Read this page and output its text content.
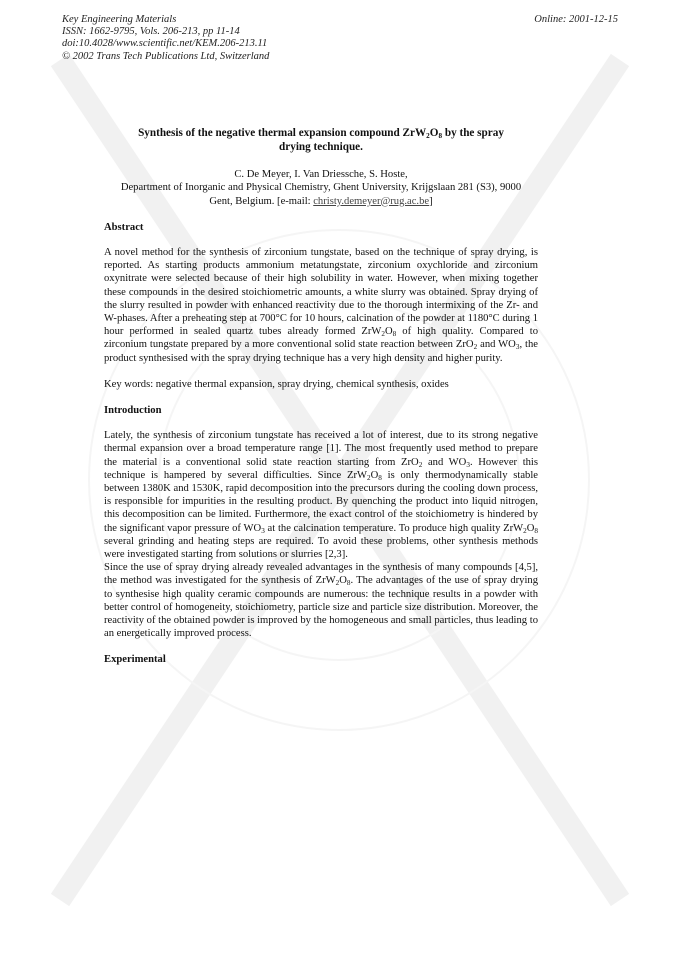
Key Engineering Materials
ISSN: 1662-9795, Vols. 206-213, pp 11-14
doi:10.4028/www.scientific.net/KEM.206-213.11
© 2002 Trans Tech Publications Ltd, Switzerland
Online: 2001-12-15
Synthesis of the negative thermal expansion compound $ZrW_2O_8$ by the spray drying technique.
C. De Meyer, I. Van Driessche, S. Hoste,
Department of Inorganic and Physical Chemistry, Ghent University, Krijgslaan 281 (S3), 9000
Gent, Belgium. [e-mail: christy.demeyer@rug.ac.be]
Abstract

A novel method for the synthesis of zirconium tungstate, based on the technique of spray drying, is reported. As starting products ammonium metatungstate, zirconium oxychloride and zirconium oxynitrate were selected because of their high solubility in water. However, when mixing together these compounds in the desired stoichiometric amounts, a white slurry was obtained. Spray drying of the slurry resulted in powder with enhanced reactivity due to the thorough intermixing of the Zr- and W-phases. After a preheating step at 700°C for 10 hours, calcination of the powder at 1180°C during 1 hour performed in sealed quartz tubes already formed $ZrW_2O_8$ of high quality. Compared to zirconium tungstate prepared by a more conventional solid state reaction between ZrO$_2$ and $WO_3$, the product synthesised with the spray drying technique has a very high density and higher purity.

Key words: negative thermal expansion, spray drying, chemical synthesis, oxides

Introduction

Lately, the synthesis of zirconium tungstate has received a lot of interest, due to its strong negative thermal expansion over a broad temperature range [1]. The most frequently used method to prepare the material is a conventional solid state reaction starting from ZrO$_2$ and $WO_3$. However this technique is hampered by several difficulties. Since $ZrW_2O_8$ is only thermodynamically stable between 1380K and 1530K, rapid decomposition into the precursors during the cooling down process, is responsible for impurities in the resulting product. By quenching the product into liquid nitrogen, this decomposition can be limited. Furthermore, the exact control of the stoichiometry is hindered by the significant vapor pressure of $WO_3$ at the calcination temperature. To produce high quality $ZrW_2O_8$ several grinding and heating steps are required. To avoid these problems, other synthesis methods were investigated starting from solutions or slurries [2,3].

Since the use of spray drying already revealed advantages in the synthesis of many compounds [4,5], the method was investigated for the synthesis of $ZrW_2O_8$. The advantages of the use of spray drying to synthesise high quality ceramic compounds are numerous: the technique results in a powder with better control of homogeneity, stoichiometry, particle size and particle size distribution. Moreover, the reactivity of the obtained powder is improved by the homogeneous and small particles, thus leading to an energetically improved process.

Experimental
